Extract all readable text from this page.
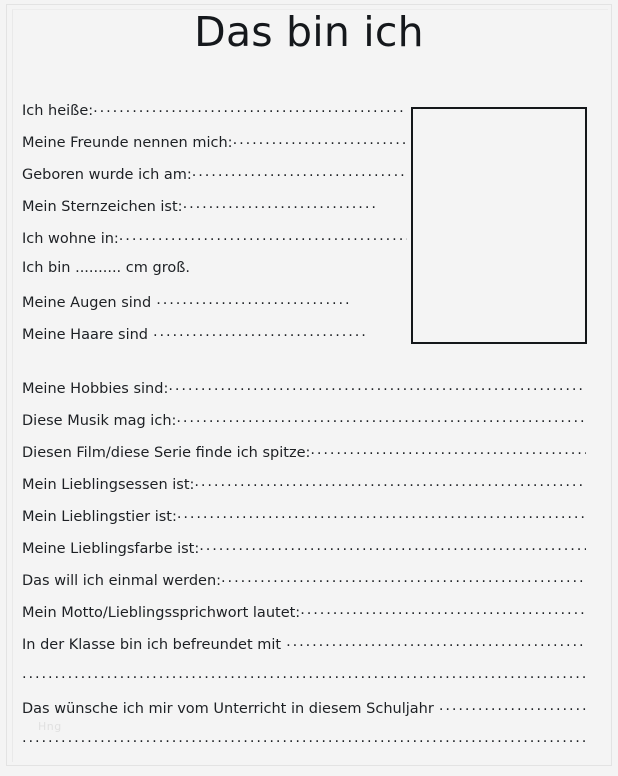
Das bin ich
Ich heiße:
.....
Meine Freunde nennen mich:
.....
Geboren wurde ich am:
.....
Mein Sternzeichen ist:
.....
Ich wohne in:
.....
Ich bin .......... cm groß.
Meine Augen sind
.....
Meine Haare sind
.....
Meine Hobbies sind:
.....
Diese Musik mag ich:
.....
Diesen Film/diese Serie finde ich spitze:
.....
Mein Lieblingsessen ist:
.....
Mein Lieblingstier ist:
.....
Meine Lieblingsfarbe ist:
.....
Das will ich einmal werden:
.....
Mein Motto/Lieblingssprichwort lautet:
.....
In der Klasse bin ich befreundet mit
.....
.....
Das wünsche ich mir vom Unterricht in diesem Schuljahr
.....
.....
Hng
